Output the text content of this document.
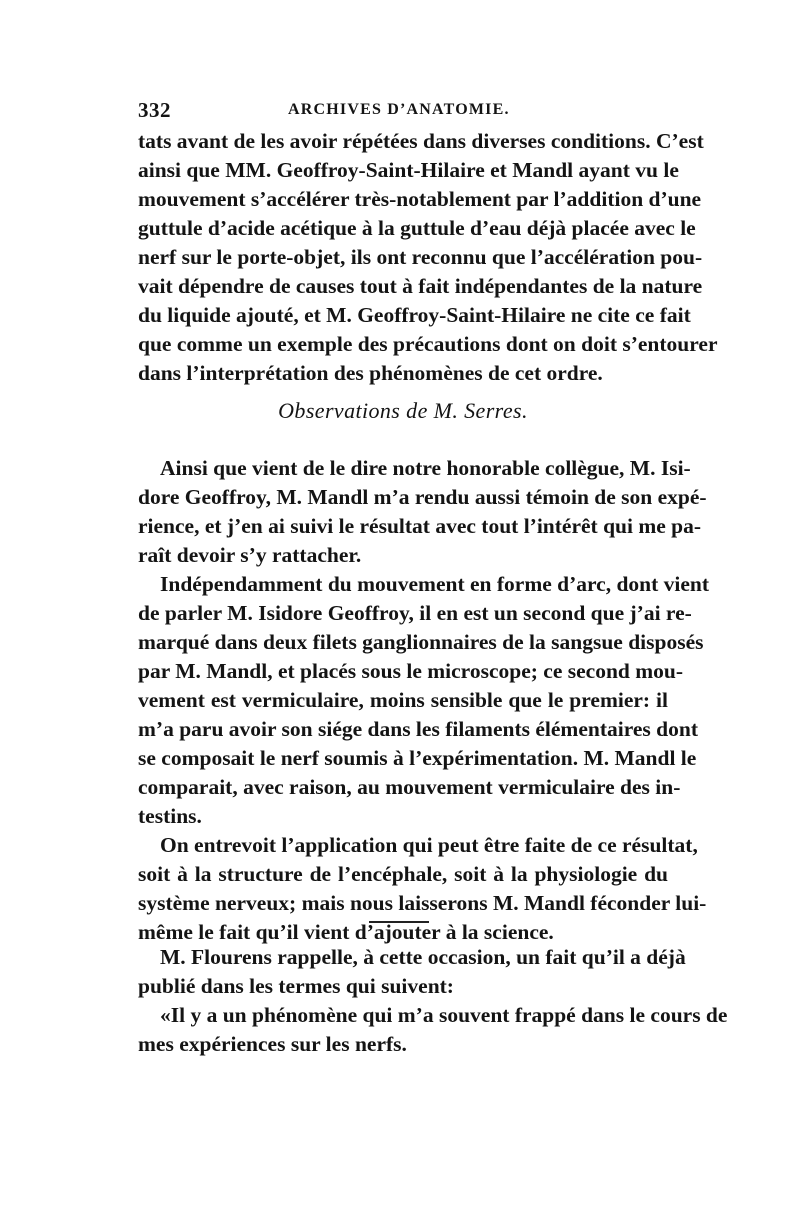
332	ARCHIVES D’ANATOMIE.
tats avant de les avoir répétées dans diverses conditions. C’est
ainsi que MM. Geoffroy-Saint-Hilaire et Mandl ayant vu le
mouvement s’accélérer très-notablement par l’addition d’une
guttule d’acide acétique à la guttule d’eau déjà placée avec le
nerf sur le porte-objet, ils ont reconnu que l’accélération pou-
vait dépendre de causes tout à fait indépendantes de la nature
du liquide ajouté, et M. Geoffroy-Saint-Hilaire ne cite ce fait
que comme un exemple des précautions dont on doit s’entourer
dans l’interprétation des phénomènes de cet ordre.
Observations de M. Serres.
Ainsi que vient de le dire notre honorable collègue, M. Isi-
dore Geoffroy, M. Mandl m’a rendu aussi témoin de son expé-
rience, et j’en ai suivi le résultat avec tout l’intérêt qui me pa-
raît devoir s’y rattacher.
Indépendamment du mouvement en forme d’arc, dont vient
de parler M. Isidore Geoffroy, il en est un second que j’ai re-
marqué dans deux filets ganglionnaires de la sangsue disposés
par M. Mandl, et placés sous le microscope; ce second mou-
vement est vermiculaire, moins sensible que le premier: il
m’a paru avoir son siége dans les filaments élémentaires dont
se composait le nerf soumis à l’expérimentation. M. Mandl le
comparait, avec raison, au mouvement vermiculaire des in-
testins.
On entrevoit l’application qui peut être faite de ce résultat,
soit à la structure de l’encéphale, soit à la physiologie du
système nerveux; mais nous laisserons M. Mandl féconder lui-
même le fait qu’il vient d’ajouter à la science.
M. Flourens rappelle, à cette occasion, un fait qu’il a déjà
publié dans les termes qui suivent:
«Il y a un phénomène qui m’a souvent frappé dans le cours de
mes expériences sur les nerfs.
